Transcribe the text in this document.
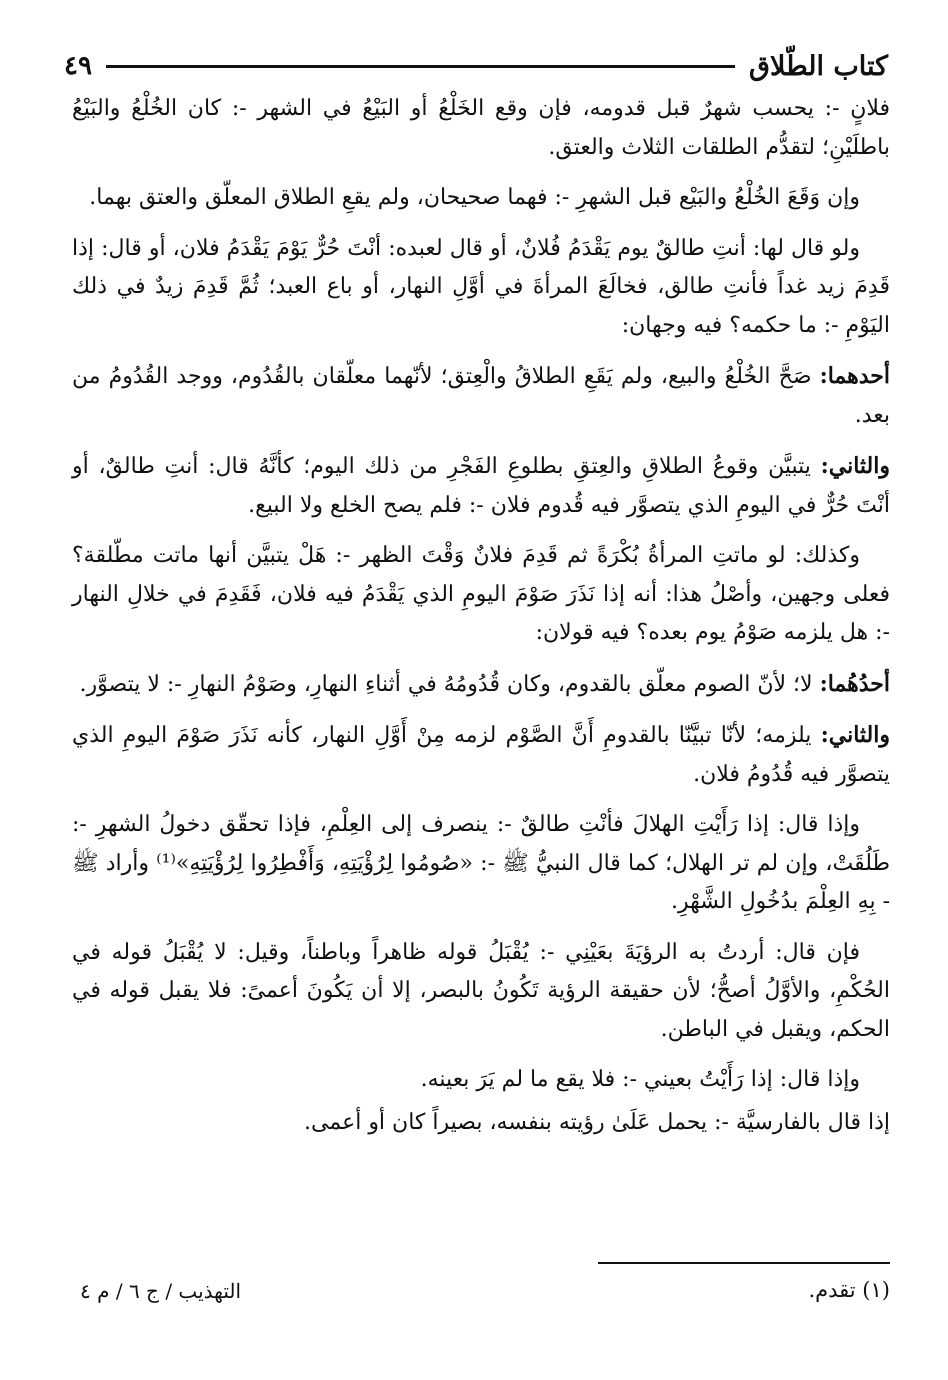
كتاب الطّلاق
٤٩

فلانٍ -: يحسب شهرٌ قبل قدومه، فإن وقع الخَلْعُ أو البَيْعُ في الشهر -: كان الخُلْعُ والبَيْعُ باطلَيْنِ؛ لتقدُّم الطلقات الثلاث والعتق.

وإن وَقَعَ الخُلْعُ والبَيْع قبل الشهرِ -: فهما صحيحان، ولم يقعِ الطلاق المعلّق والعتق بهما.

ولو قال لها: أنتِ طالقٌ يوم يَقْدَمُ فُلانٌ، أو قال لعبده: أنْتَ حُرٌّ يَوْمَ يَقْدَمُ فلان، أو قال: إذا قَدِمَ زيد غداً فأنتِ طالق، فخالَعَ المرأةَ في أوَّلِ النهار، أو باع العبد؛ ثُمَّ قَدِمَ زيدٌ في ذلك اليَوْمِ -: ما حكمه؟ فيه وجهان:

أحدهما: صَحَّ الخُلْعُ والبيع، ولم يَقَعِ الطلاقُ والْعِتق؛ لأنّهما معلّقان بالقُدُوم، ووجد القُدُومُ من بعد.

والثاني: يتبيَّن وقوعُ الطلاقِ والعِتقِ بطلوعِ الفَجْرِ من ذلك اليوم؛ كأنَّهُ قال: أنتِ طالقٌ، أو أنْتَ حُرٌّ في اليومِ الذي يتصوَّر فيه قُدوم فلان -: فلم يصح الخلع ولا البيع.

وكذلك: لو ماتتِ المرأةُ بُكْرَةً ثم قَدِمَ فلانٌ وَقْتَ الظهر -: هَلْ يتبيَّن أنها ماتت مطّلقة؟ فعلى وجهين، وأصْلُ هذا: أنه إذا نَذَرَ صَوْمَ اليومِ الذي يَقْدَمُ فيه فلان، فَقَدِمَ في خلالِ النهار -: هل يلزمه صَوْمُ يوم بعده؟ فيه قولان:

أحدُهُما: لا؛ لأنّ الصوم معلّق بالقدوم، وكان قُدُومُهُ في أثناءِ النهارِ، وصَوْمُ النهارِ -: لا يتصوَّر.

والثاني: يلزمه؛ لأنّا تبيَّنّا بالقدومِ أَنَّ الصَّوْم لزمه مِنْ أَوَّلِ النهار، كأنه نَذَرَ صَوْمَ اليومِ الذي يتصوَّر فيه قُدُومُ فلان.

وإذا قال: إذا رَأَيْتِ الهلالَ فأنْتِ طالقٌ -: ينصرف إلى العِلْمِ، فإذا تحقّق دخولُ الشهرِ -: طَلُقَتْ، وإن لم تر الهلال؛ كما قال النبيُّ ﷺ -: «صُومُوا لِرُؤْيَتِهِ، وَأَفْطِرُوا لِرُؤْيَتِهِ»⁽¹⁾ وأراد ﷺ - بِهِ العِلْمَ بدُخُولِ الشَّهْرِ.

فإن قال: أردتُ به الرؤيَةَ بعَيْنِي -: يُقْبَلُ قوله ظاهراً وباطناً، وقيل: لا يُقْبَلُ قوله في الحُكْمِ، والأوَّلُ أصحُّ؛ لأن حقيقة الرؤية تَكُونُ بالبصر، إلا أن يَكُونَ أعمىً: فلا يقبل قوله في الحكم، ويقبل في الباطن.

وإذا قال: إذا رَأَيْتُ بعيني -: فلا يقع ما لم يَرَ بعينه.

إذا قال بالفارسيَّة -: يحمل عَلَىٰ رؤيته بنفسه، بصيراً كان أو أعمى.

(١) تقدم.
التهذيب / ج ٦ / م ٤
